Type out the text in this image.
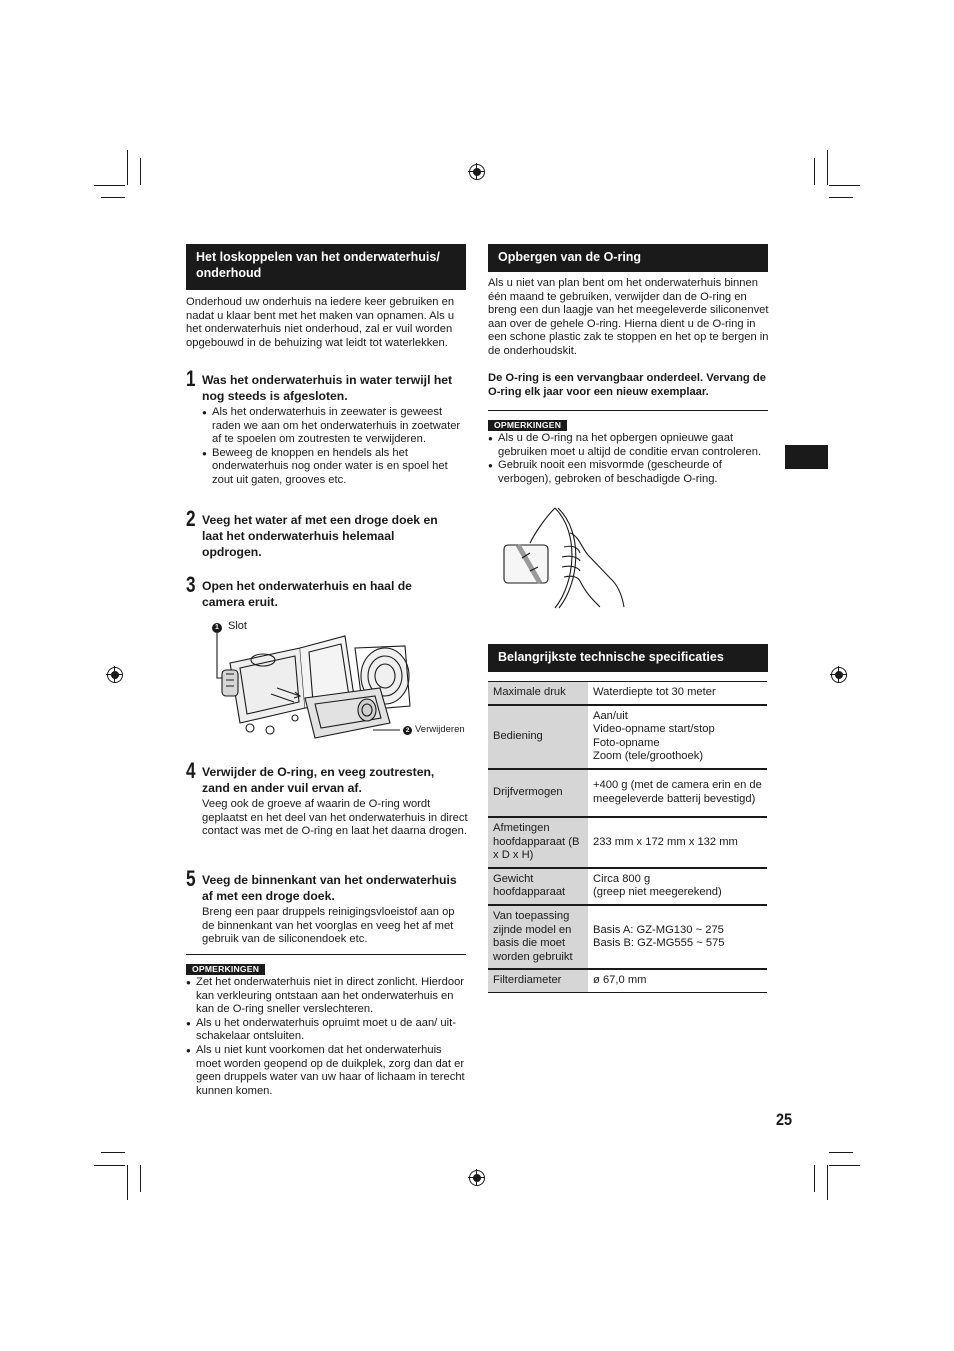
Het loskoppelen van het onderwaterhuis/ onderhoud
Onderhoud uw onderhuis na iedere keer gebruiken en nadat u klaar bent met het maken van opnamen. Als u het onderwaterhuis niet onderhoud, zal er vuil worden opgebouwd in de behuizing wat leidt tot waterlekken.
1 Was het onderwaterhuis in water terwijl het nog steeds is afgesloten.
● Als het onderwaterhuis in zeewater is geweest raden we aan om het onderwaterhuis in zoetwater af te spoelen om zoutresten te verwijderen.
● Beweeg de knoppen en hendels als het onderwaterhuis nog onder water is en spoel het zout uit gaten, grooves etc.
2 Veeg het water af met een droge doek en laat het onderwaterhuis helemaal opdrogen.
3 Open het onderwaterhuis en haal de camera eruit.
1 Slot
2 Verwijderen
4 Verwijder de O-ring, en veeg zoutresten, zand en ander vuil ervan af.
Veeg ook de groeve af waarin de O-ring wordt geplaatst en het deel van het onderwaterhuis in direct contact was met de O-ring en laat het daarna drogen.
5 Veeg de binnenkant van het onderwaterhuis af met een droge doek.
Breng een paar druppels reinigingsvloeistof aan op de binnenkant van het voorglas en veeg het af met gebruik van de siliconendoek etc.
OPMERKINGEN
● Zet het onderwaterhuis niet in direct zonlicht. Hierdoor kan verkleuring ontstaan aan het onderwaterhuis en kan de O-ring sneller verslechteren.
● Als u het onderwaterhuis opruimt moet u de aan/ uit-schakelaar ontsluiten.
● Als u niet kunt voorkomen dat het onderwaterhuis moet worden geopend op de duikplek, zorg dan dat er geen druppels water van uw haar of lichaam in terecht kunnen komen.
Opbergen van de O-ring
Als u niet van plan bent om het onderwaterhuis binnen één maand te gebruiken, verwijder dan de O-ring en breng een dun laagje van het meegeleverde siliconenvet aan over de gehele O-ring. Hierna dient u de O-ring in een schone plastic zak te stoppen en het op te bergen in de onderhoudskit.
De O-ring is een vervangbaar onderdeel. Vervang de O-ring elk jaar voor een nieuw exemplaar.
OPMERKINGEN
● Als u de O-ring na het opbergen opnieuwe gaat gebruiken moet u altijd de conditie ervan controleren.
● Gebruik nooit een misvormde (gescheurde of verbogen), gebroken of beschadigde O-ring.
Belangrijkste technische specificaties
Maximale druk	Waterdiepte tot 30 meter
Bediening	Aan/uit
Video-opname start/stop
Foto-opname
Zoom (tele/groothoek)
Drijfvermogen	+400 g (met de camera erin en de meegeleverde batterij bevestigd)
Afmetingen hoofdapparaat (B x D x H)	233 mm x 172 mm x 132 mm
Gewicht hoofdapparaat	Circa 800 g
(greep niet meegerekend)
Van toepassing zijnde model en basis die moet worden gebruikt	Basis A: GZ-MG130 ~ 275
Basis B: GZ-MG555 ~ 575
Filterdiameter	ø 67,0 mm
25
